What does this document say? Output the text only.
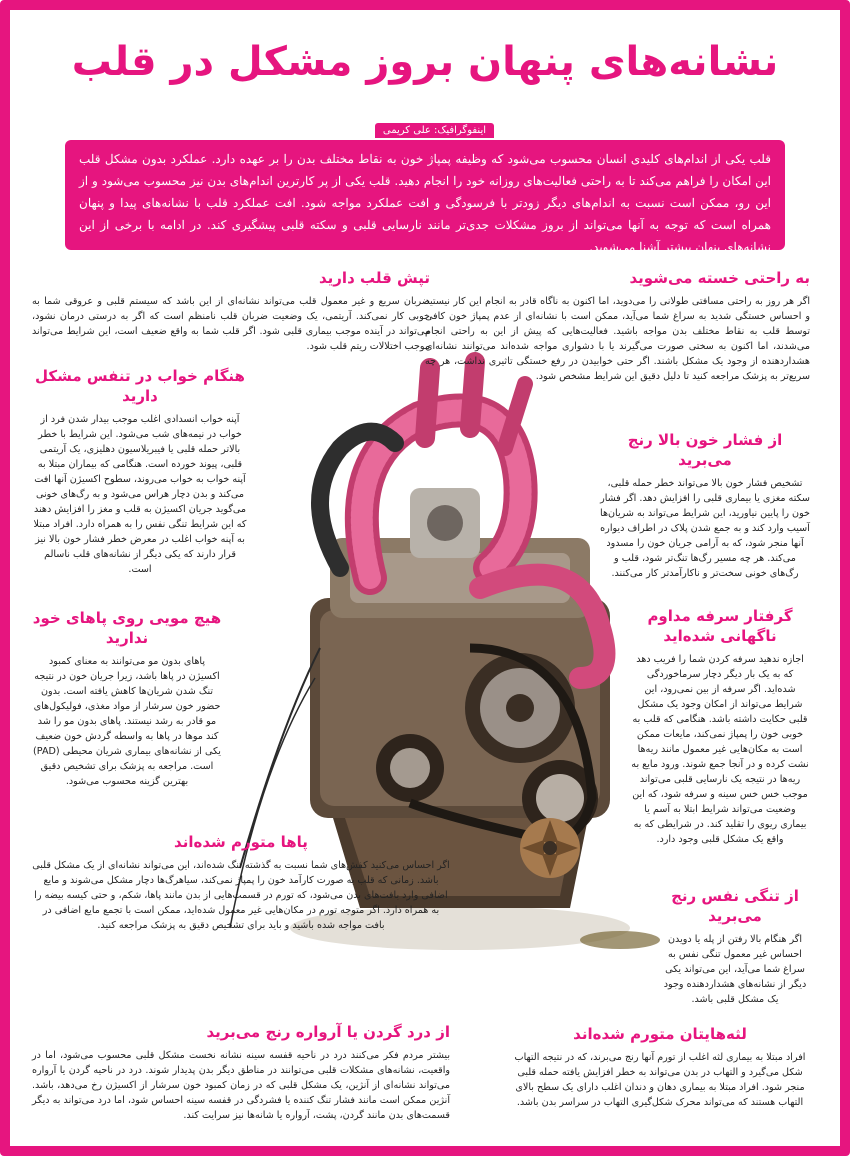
نشانه‌های پنهان بروز مشکل در قلب
اینفوگرافیک: علی کریمی
قلب یکی از اندام‌های کلیدی انسان محسوب می‌شود که وظیفه پمپاژ خون به نقاط مختلف بدن را بر عهده دارد. عملکرد بدون مشکل قلب این امکان را فراهم می‌کند تا به راحتی فعالیت‌های روزانه خود را انجام دهید. قلب یکی از پر کارترین اندام‌های بدن نیز محسوب می‌شود و از این رو، ممکن است نسبت به اندام‌های دیگر زودتر با فرسودگی و افت عملکرد مواجه شود. افت عملکرد قلب با نشانه‌های پیدا و پنهان همراه است که توجه به آنها می‌تواند از بروز مشکلات جدی‌تر مانند نارسایی قلبی و سکته قلبی پیشگیری کند. در ادامه با برخی از این نشانه‌های پنهان بیشتر آشنا می‌شوید.
به راحتی خسته می‌شوید

اگر هر روز به راحتی مسافتی طولانی را می‌دوید، اما اکنون به ناگاه قادر به انجام این کار نیستید و احساس خستگی شدید به سراغ شما می‌آید، ممکن است با نشانه‌ای از عدم پمپاژ خون کافی توسط قلب به نقاط مختلف بدن مواجه باشید. فعالیت‌هایی که پیش از این به راحتی انجام می‌شدند، اما اکنون به سختی صورت می‌گیرند یا با دشواری مواجه شده‌اند می‌توانند نشانه‌ای هشداردهنده از وجود یک مشکل باشند. اگر حتی خوابیدن در رفع خستگی تاثیری نداشت، هر چه سریع‌تر به پزشک مراجعه کنید تا دلیل دقیق این شرایط مشخص شود.

تپش قلب دارید

ضربان سریع و غیر معمول قلب می‌تواند نشانه‌ای از این باشد که سیستم قلبی و عروقی شما به خوبی کار نمی‌کند. آریتمی، یک وضعیت ضربان قلب نامنظم است که اگر به درستی درمان نشود، می‌تواند در آینده موجب بیماری قلبی شود. اگر قلب شما به واقع ضعیف است، این شرایط می‌تواند موجب اختلالات ریتم قلب شود.

از فشار خون بالا رنج می‌برید

تشخیص فشار خون بالا می‌تواند خطر حمله قلبی، سکته مغزی یا بیماری قلبی را افزایش دهد. اگر فشار خون را پایین نیاورید، این شرایط می‌تواند به شریان‌ها آسیب وارد کند و به جمع شدن پلاک در اطراف دیواره آنها منجر شود، که به آرامی جریان خون را مسدود می‌کند. هر چه مسیر رگ‌ها تنگ‌تر شود، قلب و رگ‌های خونی سخت‌تر و ناکارآمدتر کار می‌کنند.

هنگام خواب در تنفس مشکل دارید

آپنه خواب انسدادی اغلب موجب بیدار شدن فرد از خواب در نیمه‌های شب می‌شود. این شرایط با خطر بالاتر حمله قلبی یا فیبریلاسیون دهلیزی، یک آریتمی قلبی، پیوند خورده است. هنگامی که بیماران مبتلا به آپنه خواب به خواب می‌روند، سطوح اکسیژن آنها افت می‌کند و بدن دچار هراس می‌شود و به رگ‌های خونی می‌گوید جریان اکسیژن به قلب و مغز را افزایش دهند که این شرایط تنگی نفس را به همراه دارد. افراد مبتلا به آپنه خواب اغلب در معرض خطر فشار خون بالا نیز قرار دارند که یکی دیگر از نشانه‌های قلب ناسالم است.

گرفتار سرفه مداوم ناگهانی شده‌اید

اجازه ندهید سرفه کردن شما را فریب دهد که به یک بار دیگر دچار سرماخوردگی شده‌اید. اگر سرفه از بین نمی‌رود، این شرایط می‌تواند از امکان وجود یک مشکل قلبی حکایت داشته باشد. هنگامی که قلب به خوبی خون را پمپاژ نمی‌کند، مایعات ممکن است به مکان‌هایی غیر معمول مانند ریه‌ها نشت کرده و در آنجا جمع شوند. ورود مایع به ریه‌ها در نتیجه یک نارسایی قلبی می‌تواند موجب خس خس سینه و سرفه شود، که این وضعیت می‌تواند شرایط ابتلا به آسم یا بیماری ریوی را تقلید کند. در شرایطی که به واقع یک مشکل قلبی وجود دارد.

هیچ مویی روی پاهای خود ندارید

پاهای بدون مو می‌توانند به معنای کمبود اکسیژن در پاها باشد، زیرا جریان خون در نتیجه تنگ شدن شریان‌ها کاهش یافته است. بدون حضور خون سرشار از مواد مغذی، فولیکول‌های مو قادر به رشد نیستند. پاهای بدون مو را شد کند موها در پاها به واسطه گردش خون ضعیف یکی از نشانه‌های بیماری شریان محیطی (PAD) است. مراجعه به پزشک برای تشخیص دقیق بهترین گزینه محسوب می‌شود.

پاها متورم شده‌اند

اگر احساس می‌کنید کفش‌های شما نسبت به گذشته تنگ شده‌اند، این می‌تواند نشانه‌ای از یک مشکل قلبی باشد. زمانی که قلب به صورت کارآمد خون را پمپاژ نمی‌کند، سیاهرگ‌ها دچار مشکل می‌شوند و مایع اضافی وارد بافت‌های بدن می‌شود، که تورم در قسمت‌هایی از بدن مانند پاها، شکم، و حتی کیسه بیضه را به همراه دارد. اگر متوجه تورم در مکان‌هایی غیر معمول شده‌اید، ممکن است با تجمع مایع اضافی در بافت مواجه شده باشید و باید برای تشخیص دقیق به پزشک مراجعه کنید.

از تنگی نفس رنج می‌برید

اگر هنگام بالا رفتن از پله یا دویدن احساس غیر معمول تنگی نفس به سراغ شما می‌آید، این می‌تواند یکی دیگر از نشانه‌های هشداردهنده وجود یک مشکل قلبی باشد.

از درد گردن یا آرواره رنج می‌برید

بیشتر مردم فکر می‌کنند درد در ناحیه قفسه سینه نشانه نخست مشکل قلبی محسوب می‌شود، اما در واقعیت، نشانه‌های مشکلات قلبی می‌توانند در مناطق دیگر بدن پدیدار شوند. درد در ناحیه گردن یا آرواره می‌تواند نشانه‌ای از آنژین، یک مشکل قلبی که در زمان کمبود خون سرشار از اکسیژن رخ می‌دهد، باشد. آنژین ممکن است مانند فشار تنگ کننده یا فشردگی در قفسه سینه احساس شود، اما درد می‌تواند به دیگر قسمت‌های بدن مانند گردن، پشت، آرواره یا شانه‌ها نیز سرایت کند.

لثه‌هایتان متورم شده‌اند

افراد مبتلا به بیماری لثه اغلب از تورم آنها رنج می‌برند، که در نتیجه التهاب شکل می‌گیرد و التهاب در بدن می‌تواند به خطر افزایش یافته حمله قلبی منجر شود. افراد مبتلا به بیماری دهان و دندان اغلب دارای یک سطح بالای التهاب هستند که می‌تواند محرک شکل‌گیری التهاب در سراسر بدن باشد.
